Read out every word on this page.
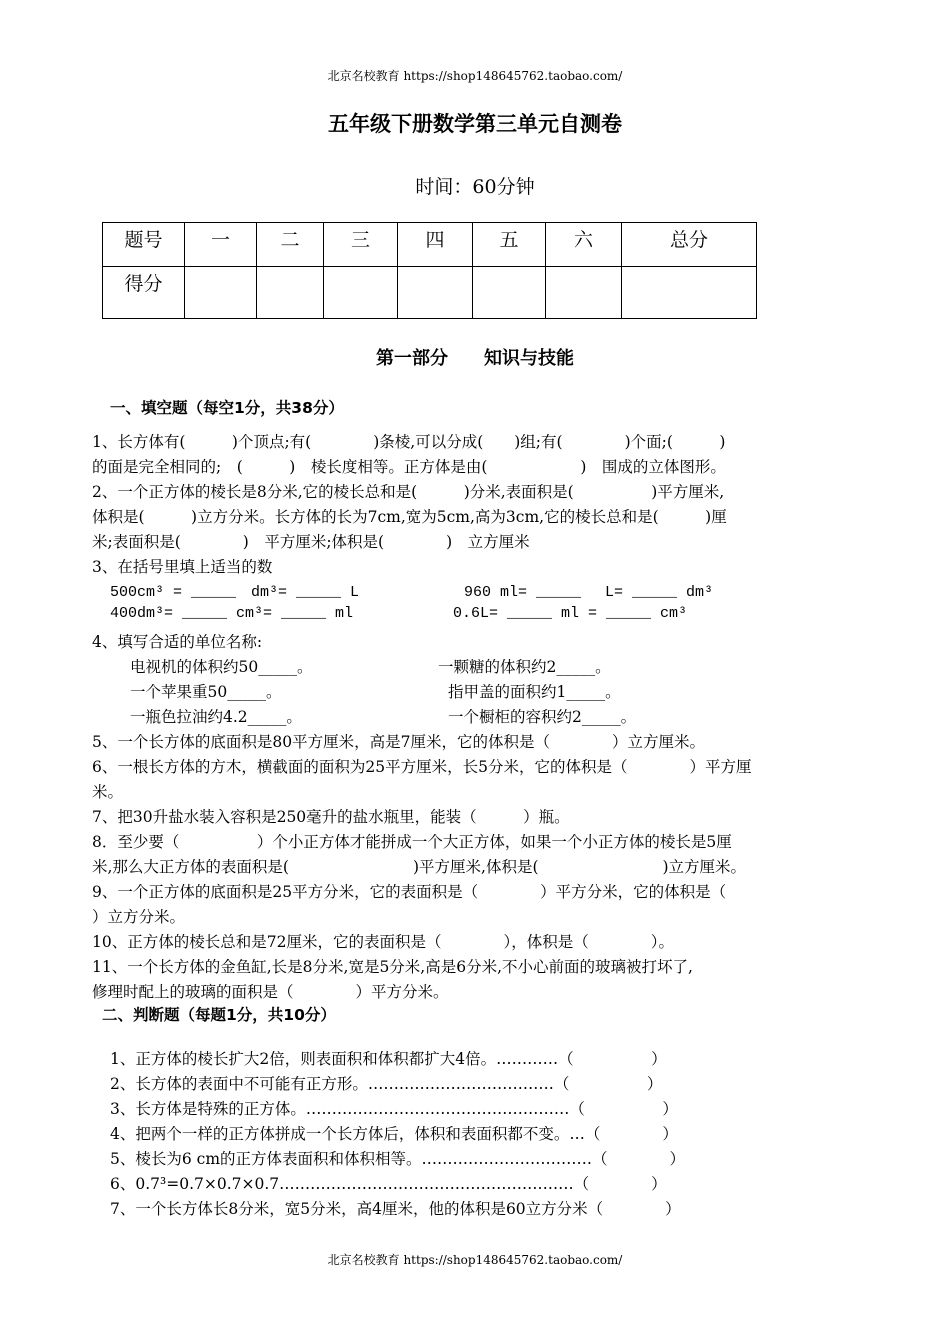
北京名校教育 https://shop148645762.taobao.com/
五年级下册数学第三单元自测卷
时间：60分钟
题号	一	二	三	四	五	六	总分
得分							
第一部分　　知识与技能
一、填空题（每空1分，共38分）
1、长方体有(　　　)个顶点;有(　　　　)条棱,可以分成(　　)组;有(　　　　)个面;(　　　)
的面是完全相同的;　(　　　)　棱长度相等。正方体是由(　　　　　　)　围成的立体图形。
2、一个正方体的棱长是8分米,它的棱长总和是(　　　)分米,表面积是(　　　　　)平方厘米,
体积是(　　　)立方分米。长方体的长为7cm,宽为5cm,高为3cm,它的棱长总和是(　　　)厘
米;表面积是(　　　　)　平方厘米;体积是(　　　　)　立方厘米
3、在括号里填上适当的数
500cm³ = _____　dm³= _____ L	960 ml= _____　 L= _____ dm³
400dm³= _____ cm³= _____ ml	0.6L= _____ ml = _____ cm³
4、填写合适的单位名称:
电视机的体积约50_____。	一颗糖的体积约2_____。
一个苹果重50_____。	指甲盖的面积约1_____。
一瓶色拉油约4.2_____。	一个橱柜的容积约2_____。
5、一个长方体的底面积是80平方厘米，高是7厘米，它的体积是（　　　　）立方厘米。
6、一根长方体的方木，横截面的面积为25平方厘米，长5分米，它的体积是（　　　　）平方厘
米。
7、把30升盐水装入容积是250毫升的盐水瓶里，能装（　　　）瓶。
8．至少要（　　　　　）个小正方体才能拼成一个大正方体，如果一个小正方体的棱长是5厘
米,那么大正方体的表面积是(　　　　　　　　)平方厘米,体积是(　　　　　　　　)立方厘米。
9、一个正方体的底面积是25平方分米，它的表面积是（　　　　）平方分米，它的体积是（
）立方分米。
10、正方体的棱长总和是72厘米，它的表面积是（　　　　），体积是（　　　　）。
11、一个长方体的金鱼缸,长是8分米,宽是5分米,高是6分米,不小心前面的玻璃被打坏了,
修理时配上的玻璃的面积是（　　　　）平方分米。
二、判断题（每题1分，共10分）
1、正方体的棱长扩大2倍，则表面积和体积都扩大4倍。…………（　　　　　）
2、长方体的表面中不可能有正方形。………………………………（　　　　　）
3、长方体是特殊的正方体。……………………………………………（　　　　　）
4、把两个一样的正方体拼成一个长方体后，体积和表面积都不变。…（　　　　）
5、棱长为6 cm的正方体表面积和体积相等。……………………………（　　　　）
6、0.7³=0.7×0.7×0.7…………………………………………………（　　　　）
7、一个长方体长8分米，宽5分米，高4厘米，他的体积是60立方分米（　　　　）
北京名校教育 https://shop148645762.taobao.com/
